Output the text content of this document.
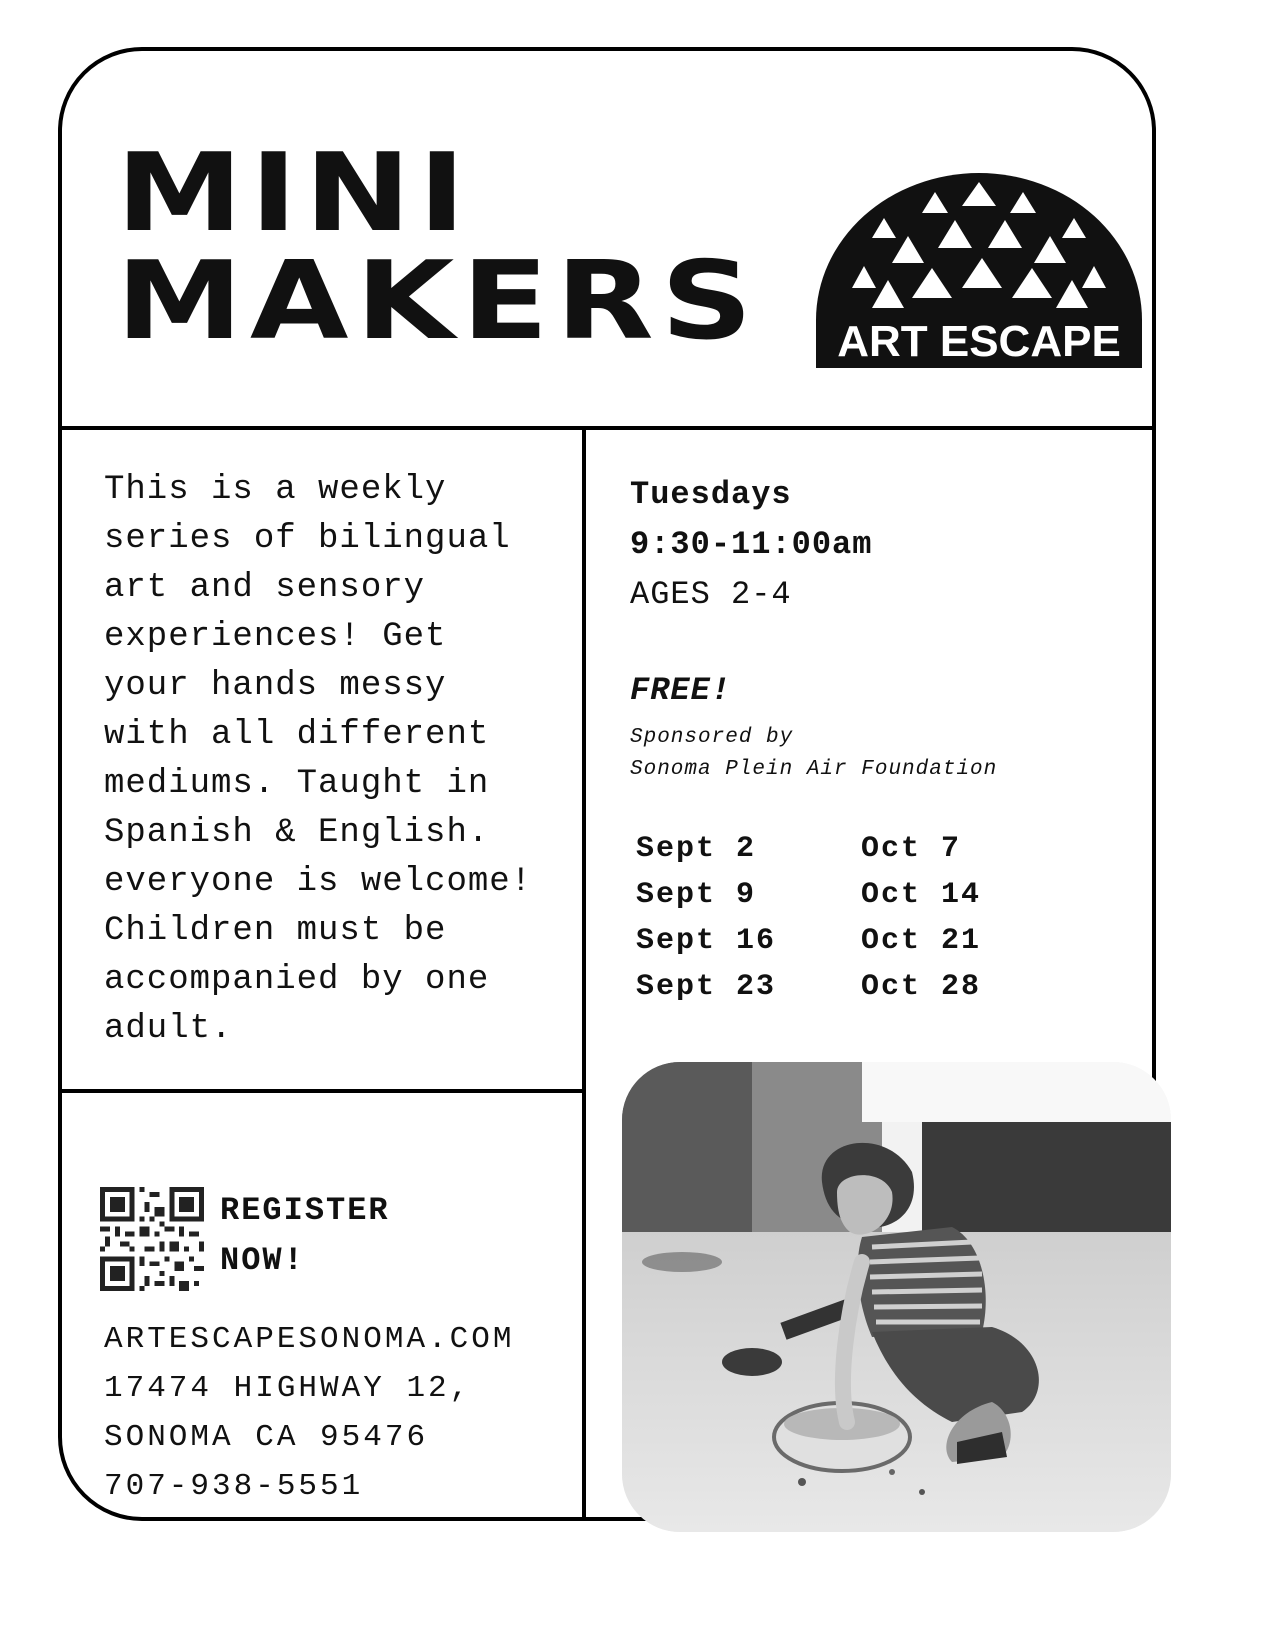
MINI
MAKERS ART ESCAPE

This is a weekly
series of bilingual
art and sensory
experiences! Get
your hands messy
with all different
mediums. Taught in
Spanish & English.
everyone is welcome!
Children must be
accompanied by one
adult.

Tuesdays
9:30-11:00am
AGES 2-4
FREE!
Sponsored by
Sonoma Plein Air Foundation
Sept 2	Oct 7
Sept 9	Oct 14
Sept 16	Oct 21
Sept 23	Oct 28
REGISTER
NOW!
ARTESCAPESONOMA.COM
17474 HIGHWAY 12,
SONOMA CA 95476
707-938-5551
